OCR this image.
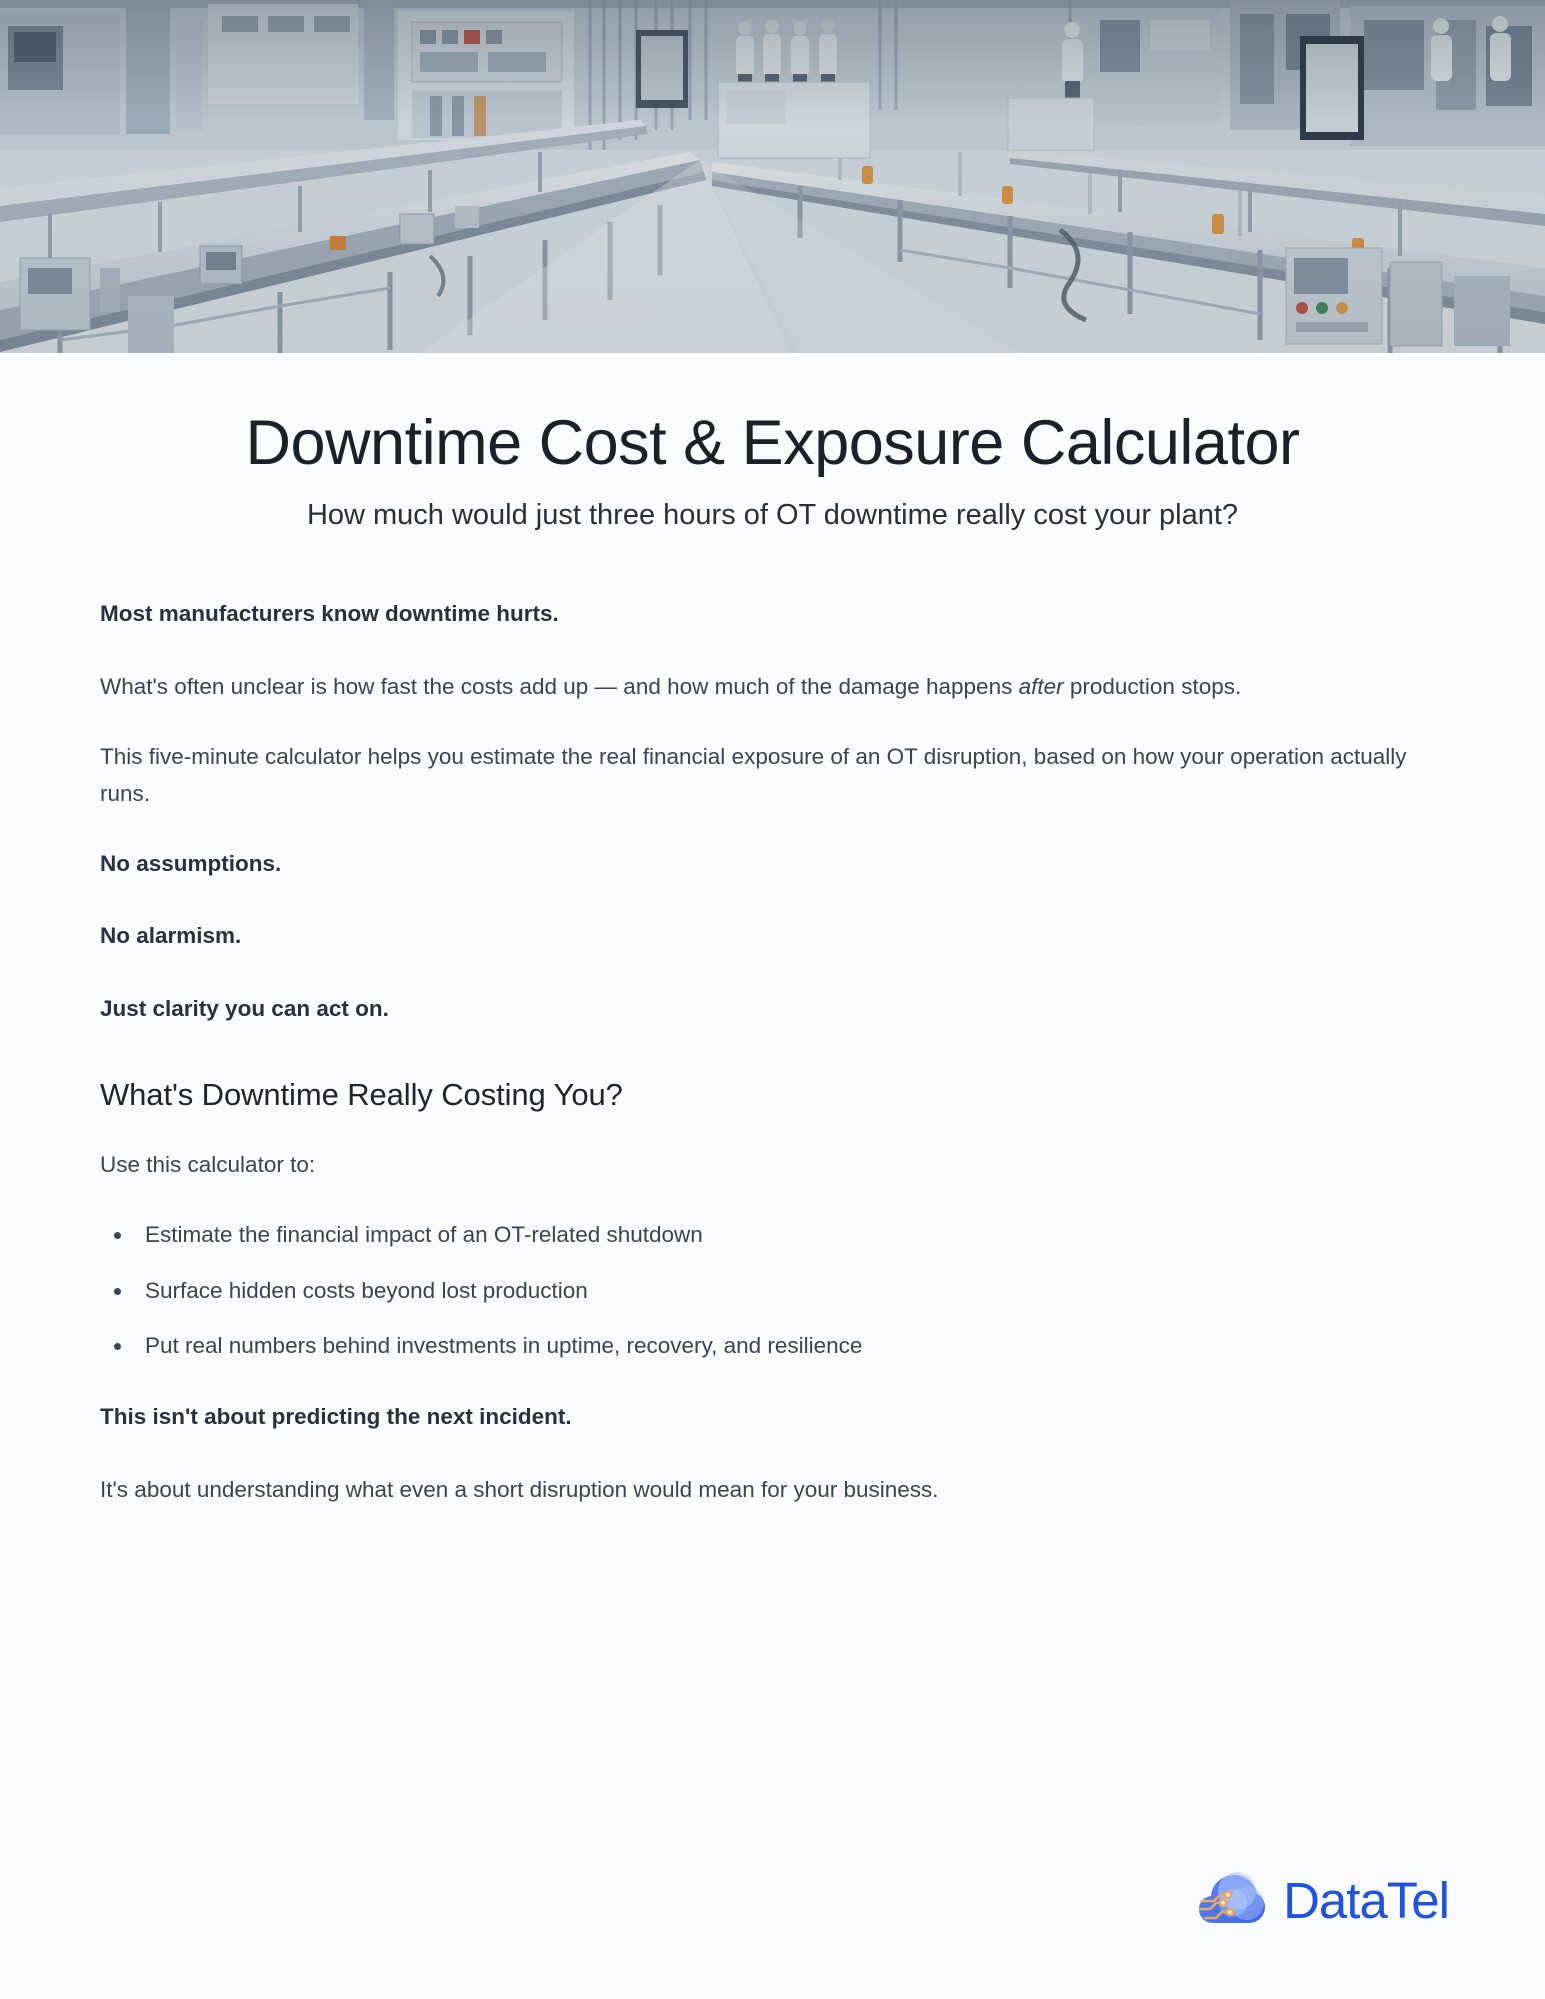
Downtime Cost & Exposure Calculator

How much would just three hours of OT downtime really cost your plant?

Most manufacturers know downtime hurts.

What's often unclear is how fast the costs add up — and how much of the damage happens after production stops.

This five-minute calculator helps you estimate the real financial exposure of an OT disruption, based on how your operation actually runs.

No assumptions.

No alarmism.

Just clarity you can act on.

What's Downtime Really Costing You?

Use this calculator to:

Estimate the financial impact of an OT-related shutdown
Surface hidden costs beyond lost production
Put real numbers behind investments in uptime, recovery, and resilience

This isn't about predicting the next incident.

It's about understanding what even a short disruption would mean for your business.

DataTel
